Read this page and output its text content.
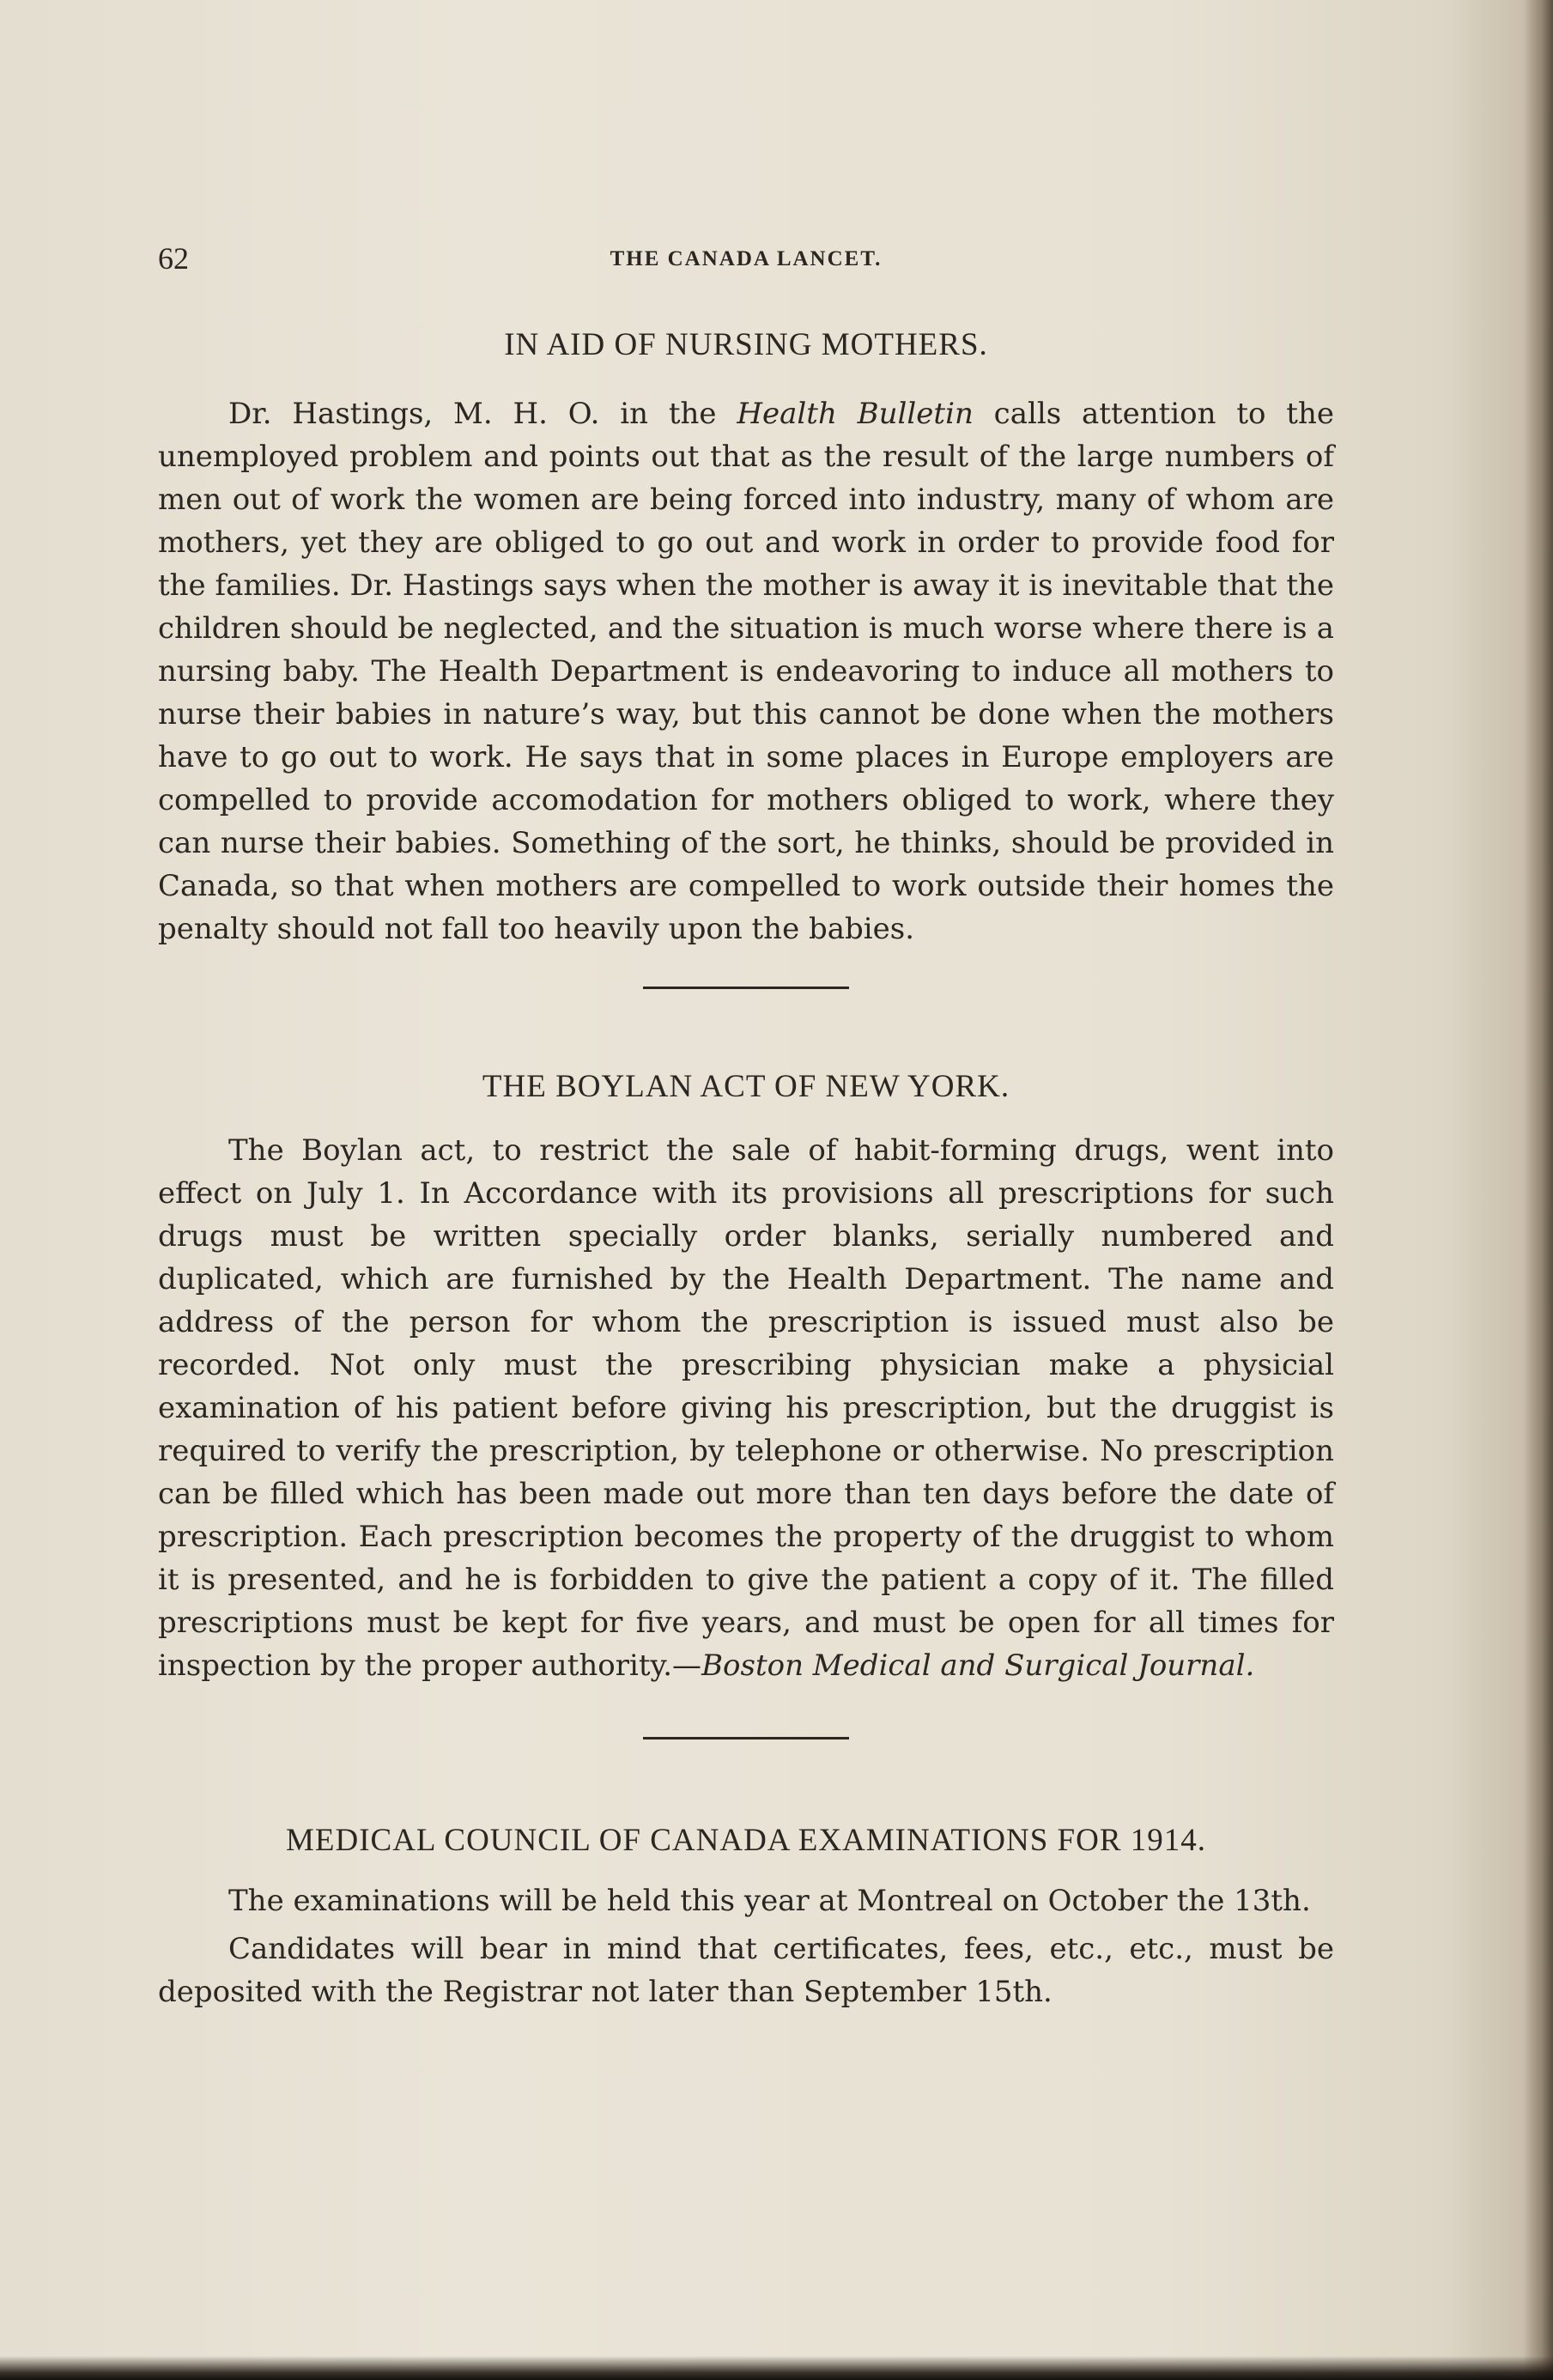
62	THE CANADA LANCET.
IN AID OF NURSING MOTHERS.

Dr. Hastings, M. H. O. in the Health Bulletin calls attention to the unemployed problem and points out that as the result of the large numbers of men out of work the women are being forced into industry, many of whom are mothers, yet they are obliged to go out and work in order to provide food for the families. Dr. Hastings says when the mother is away it is inevitable that the children should be neglected, and the situation is much worse where there is a nursing baby. The Health Department is endeavoring to induce all mothers to nurse their babies in nature’s way, but this cannot be done when the mothers have to go out to work. He says that in some places in Europe employers are compelled to provide accomodation for mothers obliged to work, where they can nurse their babies. Something of the sort, he thinks, should be provided in Canada, so that when mothers are compelled to work outside their homes the penalty should not fall too heavily upon the babies.

THE BOYLAN ACT OF NEW YORK.

The Boylan act, to restrict the sale of habit-forming drugs, went into effect on July 1. In Accordance with its provisions all prescriptions for such drugs must be written specially order blanks, serially numbered and duplicated, which are furnished by the Health Department. The name and address of the person for whom the prescription is issued must also be recorded. Not only must the prescribing physician make a physicial examination of his patient before giving his prescription, but the druggist is required to verify the prescription, by telephone or otherwise. No prescription can be filled which has been made out more than ten days before the date of prescription. Each prescription becomes the property of the druggist to whom it is presented, and he is forbidden to give the patient a copy of it. The filled prescriptions must be kept for five years, and must be open for all times for inspection by the proper authority.—Boston Medical and Surgical Journal.

MEDICAL COUNCIL OF CANADA EXAMINATIONS FOR 1914.

The examinations will be held this year at Montreal on October the 13th.

Candidates will bear in mind that certificates, fees, etc., etc., must be deposited with the Registrar not later than September 15th.
